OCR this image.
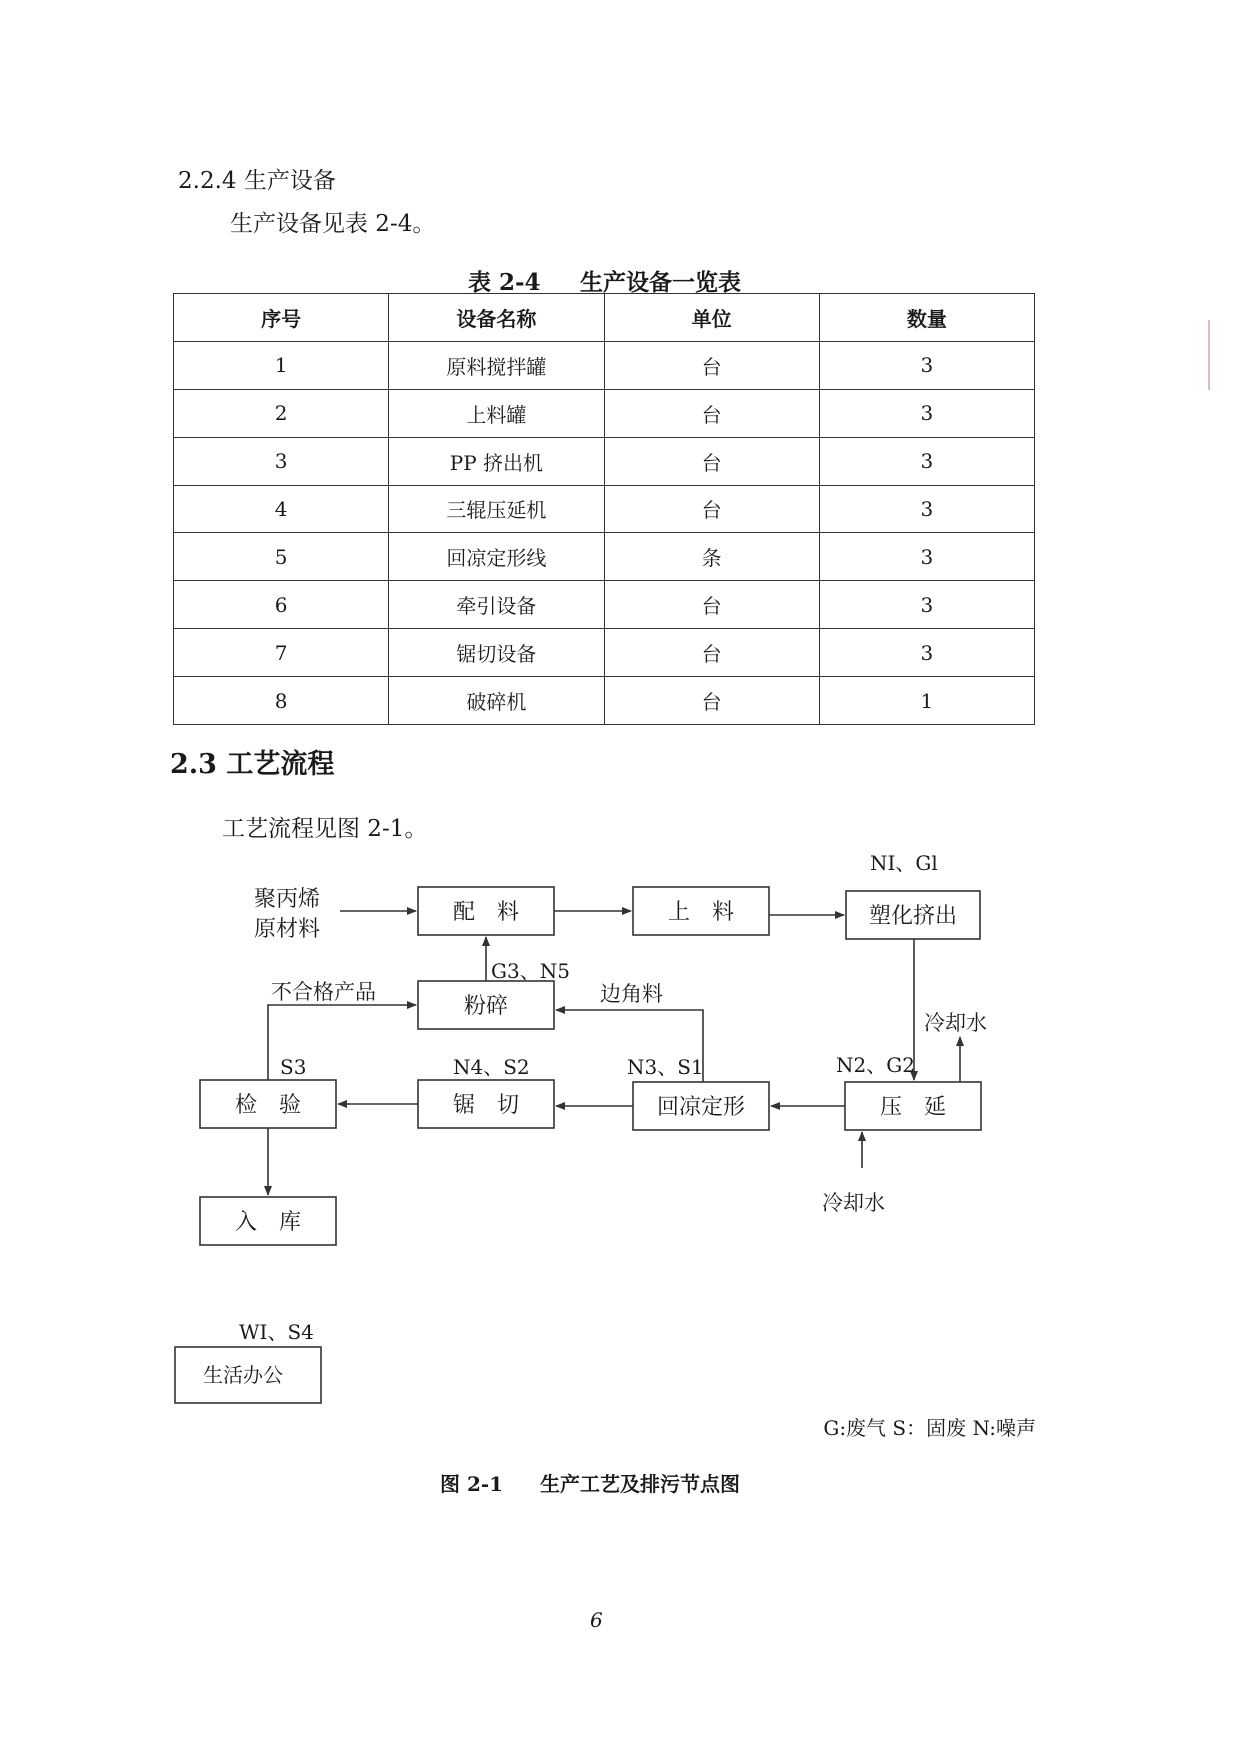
2.2.4 生产设备
生产设备见表 2-4。
表 2-4 生产设备一览表
序号	设备名称	单位	数量
1	原料搅拌罐	台	3
2	上料罐	台	3
3	PP 挤出机	台	3
4	三辊压延机	台	3
5	回凉定形线	条	3
6	牵引设备	台	3
7	锯切设备	台	3
8	破碎机	台	1
2.3 工艺流程
工艺流程见图 2-1。
配　料	上　料	塑化挤出
粉碎
检　验	锯　切	回凉定形	压　延
入　库
生活办公
聚丙烯
原材料
NI、Gl
G3、N5
不合格产品	边角料
冷却水
S3	N4、S2	N3、S1	N2、G2
冷却水
WI、S4
G:废气 S：固废 N:噪声
图 2-1 生产工艺及排污节点图
6
